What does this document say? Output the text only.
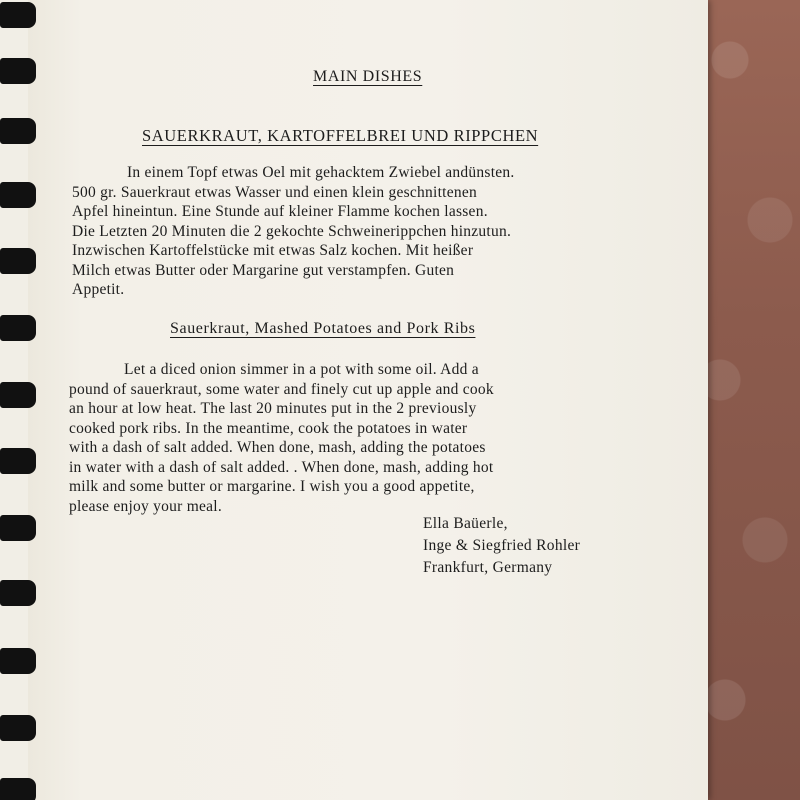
MAIN DISHES
SAUERKRAUT, KARTOFFELBREI UND RIPPCHEN
In einem Topf etwas Oel mit gehacktem Zwiebel andünsten.
500 gr. Sauerkraut etwas Wasser und einen klein geschnittenen
Apfel hineintun. Eine Stunde auf kleiner Flamme kochen lassen.
Die Letzten 20 Minuten die 2 gekochte Schweinerippchen hinzutun.
Inzwischen Kartoffelstücke mit etwas Salz kochen. Mit heißer
Milch etwas Butter oder Margarine gut verstampfen. Guten
Appetit.
Sauerkraut, Mashed Potatoes and Pork Ribs
Let a diced onion simmer in a pot with some oil. Add a
pound of sauerkraut, some water and finely cut up apple and cook
an hour at low heat. The last 20 minutes put in the 2 previously
cooked pork ribs. In the meantime, cook the potatoes in water
with a dash of salt added. When done, mash, adding the potatoes
in water with a dash of salt added. . When done, mash, adding hot
milk and some butter or margarine. I wish you a good appetite,
please enjoy your meal.
Ella Baüerle,
Inge & Siegfried Rohler
Frankfurt, Germany
